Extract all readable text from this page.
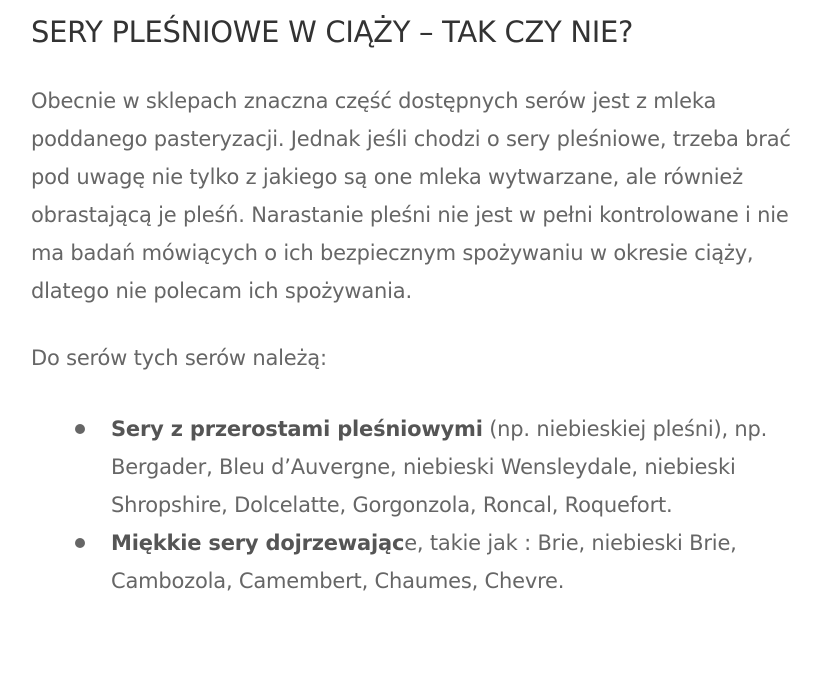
SERY PLEŚNIOWE W CIĄŻY – TAK CZY NIE?

Obecnie w sklepach znaczna część dostępnych serów jest z mleka poddanego pasteryzacji. Jednak jeśli chodzi o sery pleśniowe, trzeba brać pod uwagę nie tylko z jakiego są one mleka wytwarzane, ale również obrastającą je pleśń. Narastanie pleśni nie jest w pełni kontrolowane i nie ma badań mówiących o ich bezpiecznym spożywaniu w okresie ciąży, dlatego nie polecam ich spożywania.

Do serów tych serów należą:

Sery z przerostami pleśniowymi (np. niebieskiej pleśni), np. Bergader, Bleu d’Auvergne, niebieski Wensleydale, niebieski Shropshire, Dolcelatte, Gorgonzola, Roncal, Roquefort.
Miękkie sery dojrzewające, takie jak : Brie, niebieski Brie, Cambozola, Camembert, Chaumes, Chevre.
